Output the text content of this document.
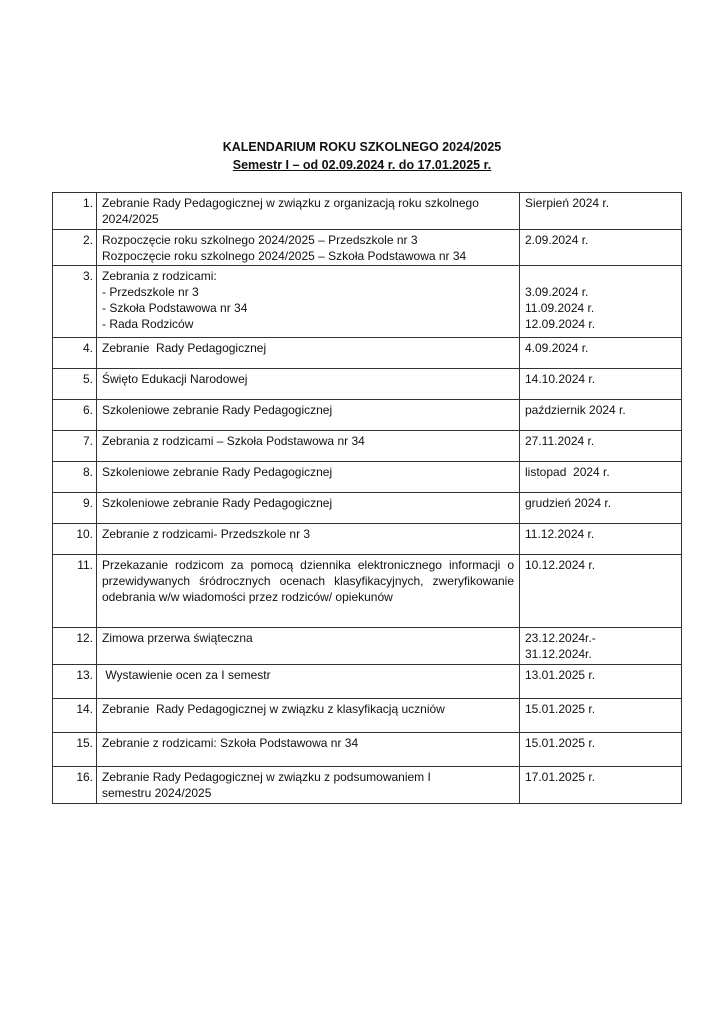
KALENDARIUM ROKU SZKOLNEGO 2024/2025
Semestr I – od 02.09.2024 r. do 17.01.2025 r.
1.	Zebranie Rady Pedagogicznej w związku z organizacją roku szkolnego
2024/2025	Sierpień 2024 r.

2.	Rozpoczęcie roku szkolnego 2024/2025 – Przedszkole nr 3
Rozpoczęcie roku szkolnego 2024/2025 – Szkoła Podstawowa nr 34	2.09.2024 r.

3.	Zebrania z rodzicami:
- Przedszkole nr 3
- Szkoła Podstawowa nr 34
- Rada Rodziców	3.09.2024 r.
11.09.2024 r.
12.09.2024 r.

4.	Zebranie  Rady Pedagogicznej	4.09.2024 r.

5.	Święto Edukacji Narodowej	14.10.2024 r.

6.	Szkoleniowe zebranie Rady Pedagogicznej	październik 2024 r.

7.	Zebrania z rodzicami – Szkoła Podstawowa nr 34	27.11.2024 r.

8.	Szkoleniowe zebranie Rady Pedagogicznej	listopad  2024 r.

9.	Szkoleniowe zebranie Rady Pedagogicznej	grudzień 2024 r.

10.	Zebranie z rodzicami- Przedszkole nr 3	11.12.2024 r.

11.	Przekazanie rodzicom za pomocą dziennika elektronicznego informacji o przewidywanych śródrocznych ocenach klasyfikacyjnych, zweryfikowanie odebrania w/w wiadomości przez rodziców/ opiekunów	10.12.2024 r.

12.	Zimowa przerwa świąteczna	23.12.2024r.-
31.12.2024r.

13.	Wystawienie ocen za I semestr	13.01.2025 r.

14.	Zebranie  Rady Pedagogicznej w związku z klasyfikacją uczniów	15.01.2025 r.

15.	Zebranie z rodzicami: Szkoła Podstawowa nr 34	15.01.2025 r.

16.	Zebranie Rady Pedagogicznej w związku z podsumowaniem I
semestru 2024/2025	17.01.2025 r.
